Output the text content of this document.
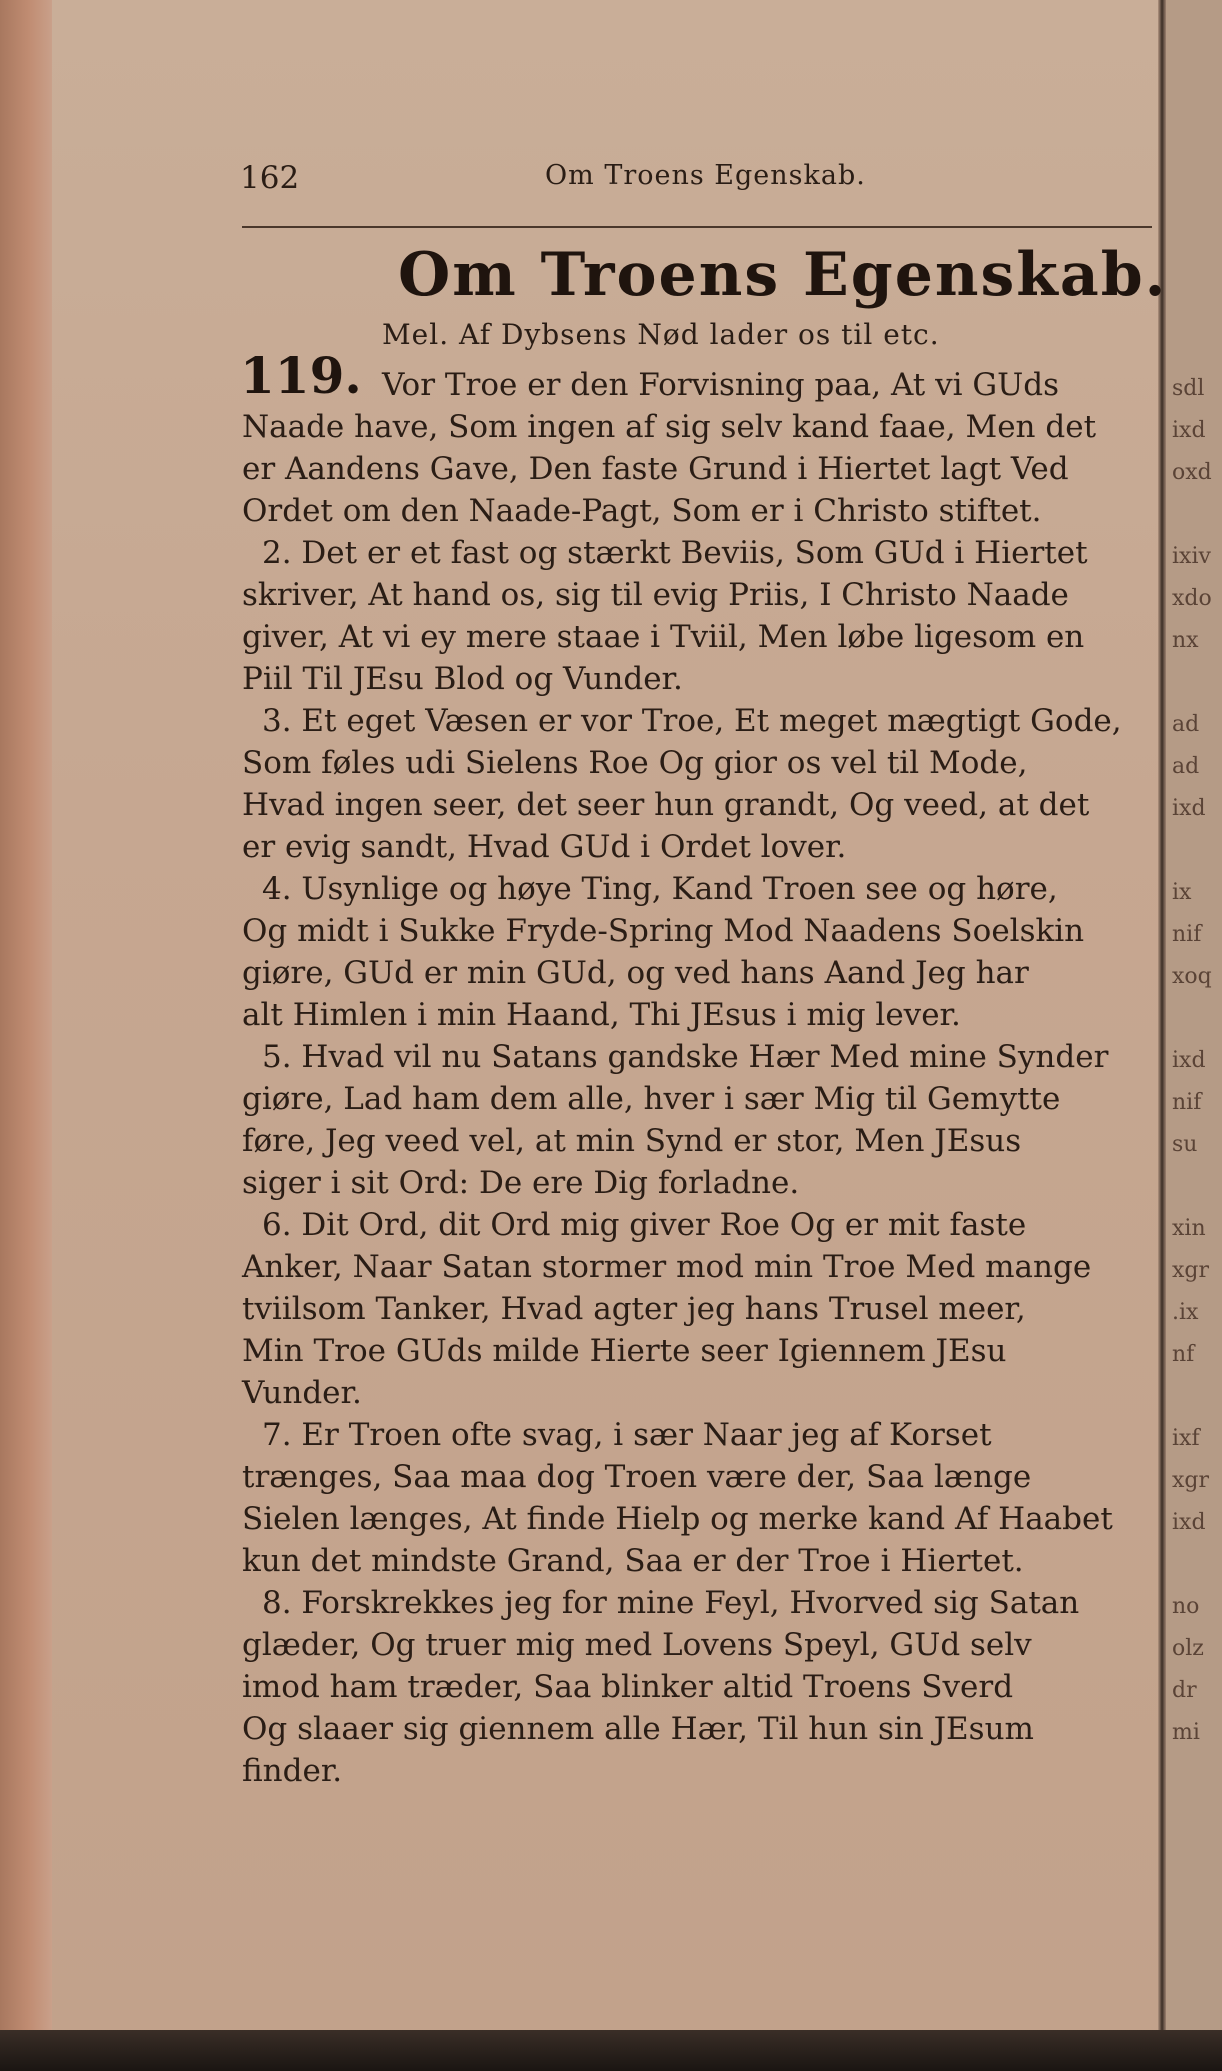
sdl
ixd
oxd
ixiv
xdo
nx
ad
ad
ixd
ix
nif
xoq
ixd
nif
su
xin
xgr
.ix
nf
ixf
xgr
ixd
no
olz
dr
mi
162	Om Troens Egenskab.
Om Troens Egenskab.
Mel. Af Dybsens Nød lader os til etc.
119. Vor Troe er den Forvisning paa, At vi GUds
Naade have, Som ingen af sig selv kand faae, Men det
er Aandens Gave, Den faste Grund i Hiertet lagt Ved
Ordet om den Naade-Pagt, Som er i Christo stiftet.
2. Det er et fast og stærkt Beviis, Som GUd i Hiertet
skriver, At hand os, sig til evig Priis, I Christo Naade
giver, At vi ey mere staae i Tviil, Men løbe ligesom en
Piil Til JEsu Blod og Vunder.
3. Et eget Væsen er vor Troe, Et meget mægtigt Gode,
Som føles udi Sielens Roe Og gior os vel til Mode,
Hvad ingen seer, det seer hun grandt, Og veed, at det
er evig sandt, Hvad GUd i Ordet lover.
4. Usynlige og høye Ting, Kand Troen see og høre,
Og midt i Sukke Fryde-Spring Mod Naadens Soelskin
giøre, GUd er min GUd, og ved hans Aand Jeg har
alt Himlen i min Haand, Thi JEsus i mig lever.
5. Hvad vil nu Satans gandske Hær Med mine Synder
giøre, Lad ham dem alle, hver i sær Mig til Gemytte
føre, Jeg veed vel, at min Synd er stor, Men JEsus
siger i sit Ord: De ere Dig forladne.
6. Dit Ord, dit Ord mig giver Roe Og er mit faste
Anker, Naar Satan stormer mod min Troe Med mange
tviilsom Tanker, Hvad agter jeg hans Trusel meer,
Min Troe GUds milde Hierte seer Igiennem JEsu
Vunder.
7. Er Troen ofte svag, i sær Naar jeg af Korset
trænges, Saa maa dog Troen være der, Saa længe
Sielen længes, At finde Hielp og merke kand Af Haabet
kun det mindste Grand, Saa er der Troe i Hiertet.
8. Forskrekkes jeg for mine Feyl, Hvorved sig Satan
glæder, Og truer mig med Lovens Speyl, GUd selv
imod ham træder, Saa blinker altid Troens Sverd
Og slaaer sig giennem alle Hær, Til hun sin JEsum
finder.
